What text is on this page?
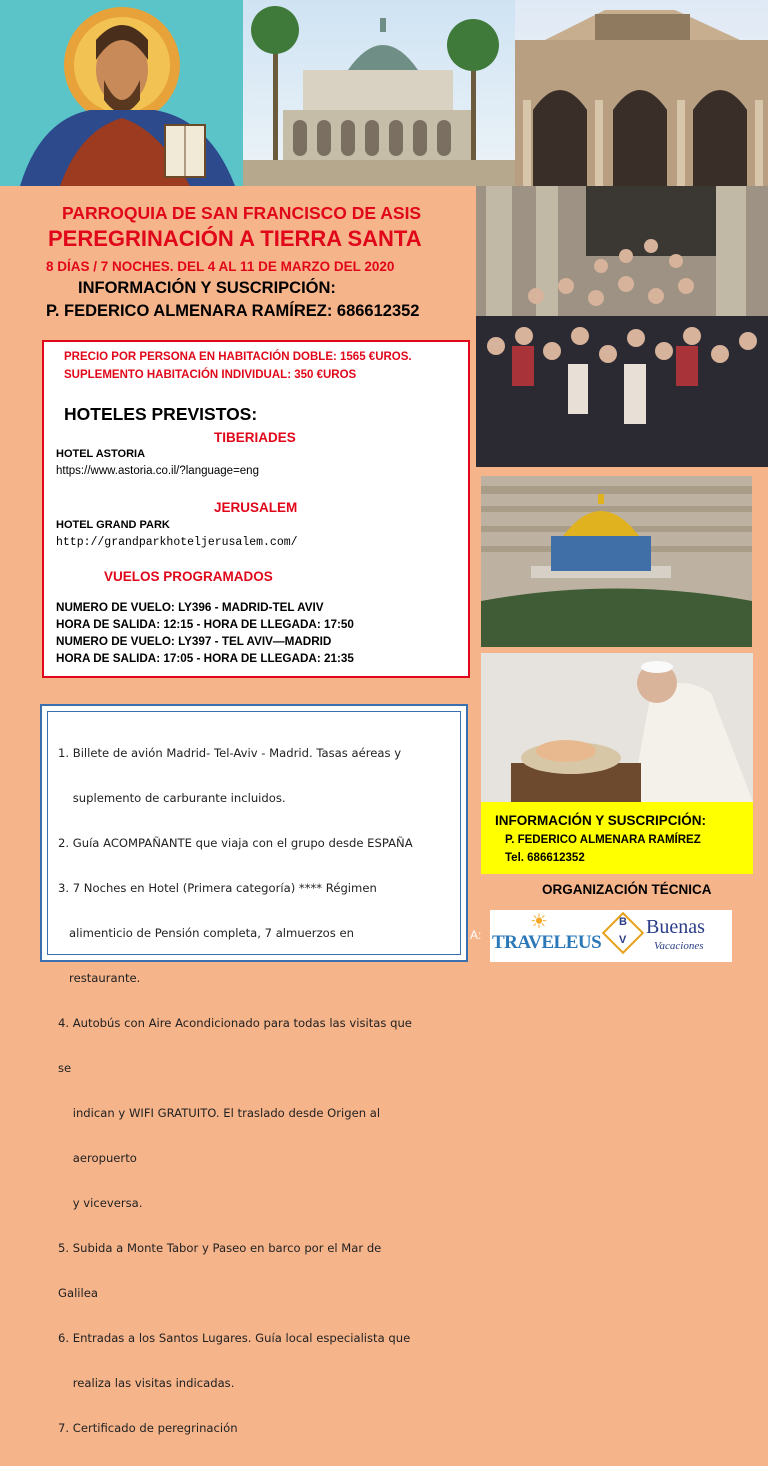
PARROQUIA DE SAN FRANCISCO DE ASIS
PEREGRINACIÓN A TIERRA SANTA
8 DÍAS / 7 NOCHES. DEL 4 AL 11 DE MARZO DEL 2020
INFORMACIÓN Y SUSCRIPCIÓN:
P. FEDERICO ALMENARA RAMÍREZ: 686612352
PRECIO POR PERSONA EN HABITACIÓN DOBLE: 1565 €UROS.
SUPLEMENTO HABITACIÓN INDIVIDUAL: 350 €UROS
HOTELES PREVISTOS:
TIBERIADES
HOTEL ASTORIA
https://www.astoria.co.il/?language=eng
JERUSALEM
HOTEL GRAND PARK
http://grandparkhoteljerusalem.com/
VUELOS PROGRAMADOS
NUMERO DE VUELO: LY396 - MADRID-TEL AVIV
HORA DE SALIDA: 12:15 - HORA DE LLEGADA: 17:50
NUMERO DE VUELO: LY397 - TEL AVIV—MADRID
HORA DE SALIDA: 17:05 - HORA DE LLEGADA: 21:35

1. Billete de avión Madrid- Tel-Aviv - Madrid. Tasas aéreas y

suplemento de carburante incluidos.

2. Guía ACOMPAÑANTE que viaja con el grupo desde ESPAÑA

3. 7 Noches en Hotel (Primera categoría) **** Régimen

alimenticio de Pensión completa, 7 almuerzos en

restaurante.

4. Autobús con Aire Acondicionado para todas las visitas que

se

indican y WIFI GRATUITO. El traslado desde Origen al

aeropuerto

y viceversa.

5. Subida a Monte Tabor y Paseo en barco por el Mar de

Galilea

6. Entradas a los Santos Lugares. Guía local especialista que

realiza las visitas indicadas.

7. Certificado de peregrinación

INFORMACIÓN Y SUSCRIPCIÓN:
P. FEDERICO ALMENARA RAMÍREZ
Tel. 686612352
ORGANIZACIÓN TÉCNICA
A:
☀
TRAVELEUS
B
V
Buenas
Vacaciones
